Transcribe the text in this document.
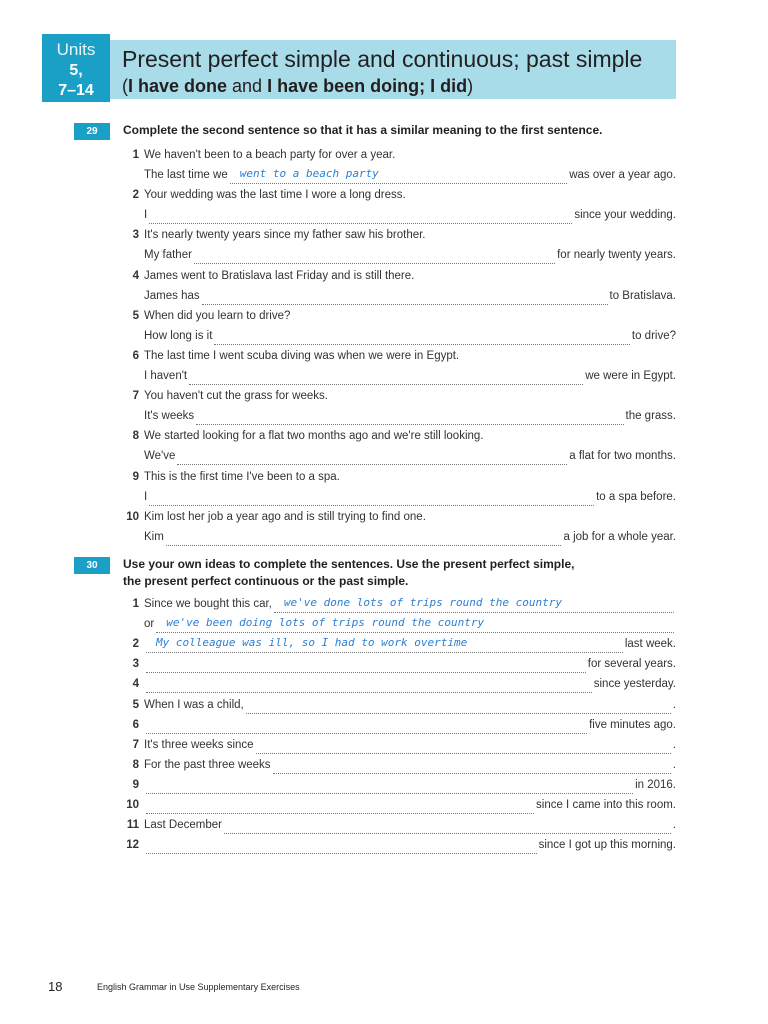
Units
5,
7–14
Present perfect simple and continuous; past simple
(I have done and I have been doing; I did)
29	Complete the second sentence so that it has a similar meaning to the first sentence.
1 We haven't been to a beach party for over a year.
The last time we went to a beach party	was over a year ago.
2 Your wedding was the last time I wore a long dress.
I	since your wedding.
3 It's nearly twenty years since my father saw his brother.
My father	for nearly twenty years.
4 James went to Bratislava last Friday and is still there.
James has	to Bratislava.
5 When did you learn to drive?
How long is it	to drive?
6 The last time I went scuba diving was when we were in Egypt.
I haven't	we were in Egypt.
7 You haven't cut the grass for weeks.
It's weeks	the grass.
8 We started looking for a flat two months ago and we're still looking.
We've	a flat for two months.
9 This is the first time I've been to a spa.
I	to a spa before.
10 Kim lost her job a year ago and is still trying to find one.
Kim	a job for a whole year.
30	Use your own ideas to complete the sentences. Use the present perfect simple,
the present perfect continuous or the past simple.
1 Since we bought this car, we've done lots of trips round the country
or we've been doing lots of trips round the country
2 My colleague was ill, so I had to work overtime	last week.
3	for several years.
4	since yesterday.
5 When I was a child,	.
6	five minutes ago.
7 It's three weeks since	.
8 For the past three weeks	.
9	in 2016.
10	since I came into this room.
11 Last December	.
12	since I got up this morning.
18	English Grammar in Use Supplementary Exercises
